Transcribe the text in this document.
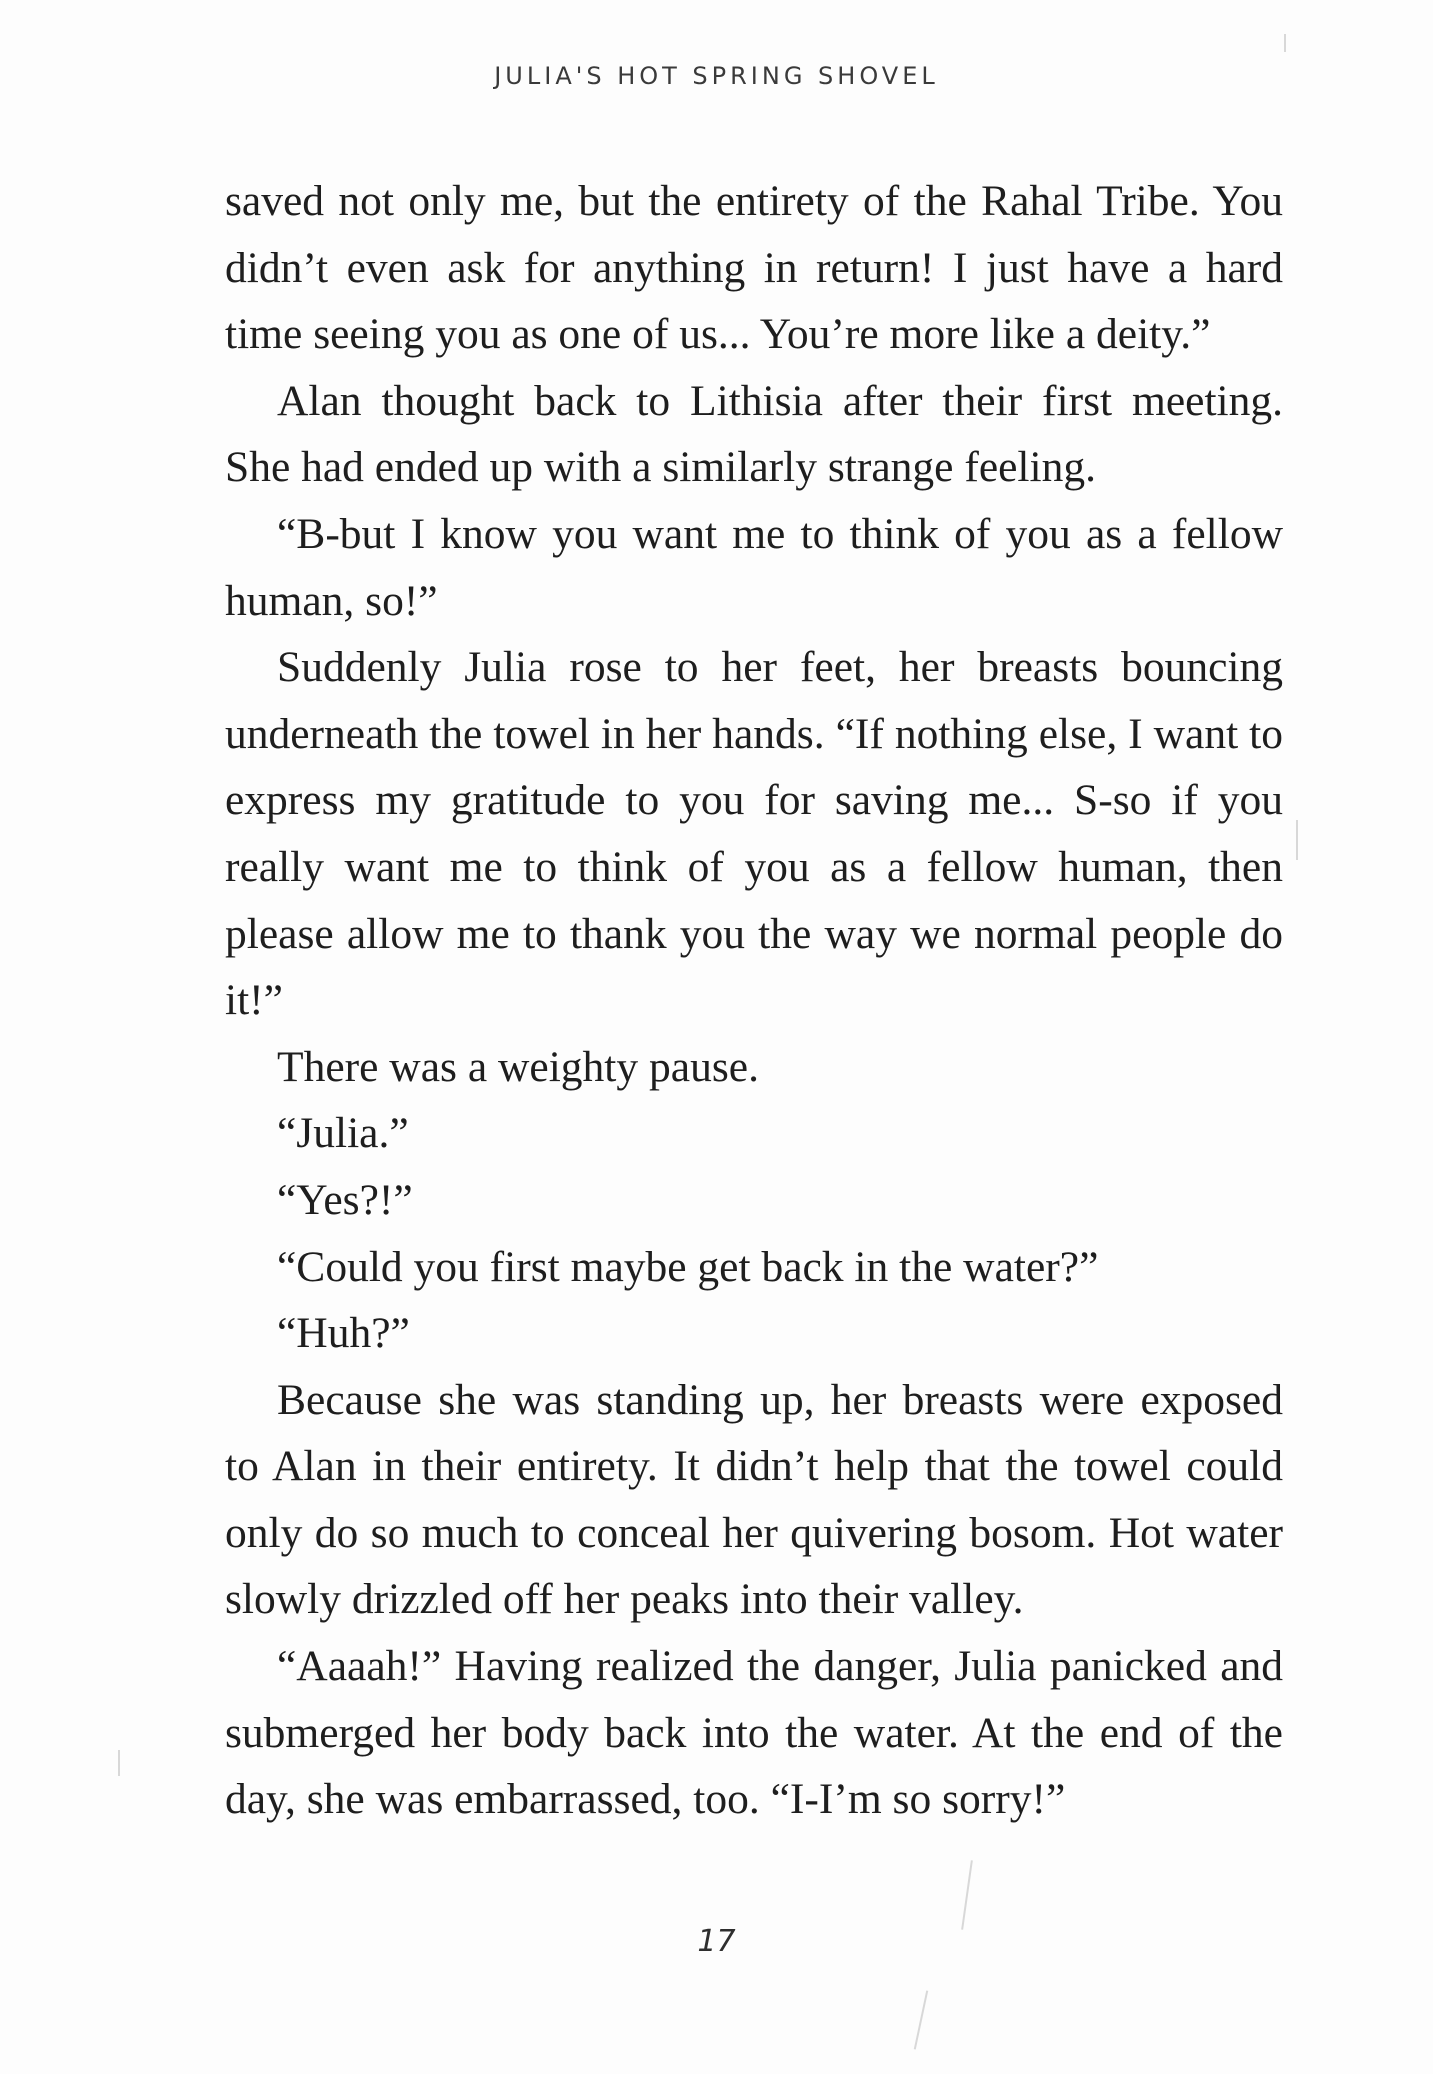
JULIA'S HOT SPRING SHOVEL

saved not only me, but the entirety of the Rahal Tribe. You didn’t even ask for anything in return! I just have a hard time seeing you as one of us... You’re more like a deity.”

Alan thought back to Lithisia after their first meeting. She had ended up with a similarly strange feeling.

“B-but I know you want me to think of you as a fellow human, so!”

Suddenly Julia rose to her feet, her breasts bouncing underneath the towel in her hands. “If nothing else, I want to express my gratitude to you for saving me... S-so if you really want me to think of you as a fellow human, then please allow me to thank you the way we normal people do it!”

There was a weighty pause.

“Julia.”

“Yes?!”

“Could you first maybe get back in the water?”

“Huh?”

Because she was standing up, her breasts were exposed to Alan in their entirety. It didn’t help that the towel could only do so much to conceal her quivering bosom. Hot water slowly drizzled off her peaks into their valley.

“Aaaah!” Having realized the danger, Julia panicked and submerged her body back into the water. At the end of the day, she was embarrassed, too. “I-I’m so sorry!”

17
